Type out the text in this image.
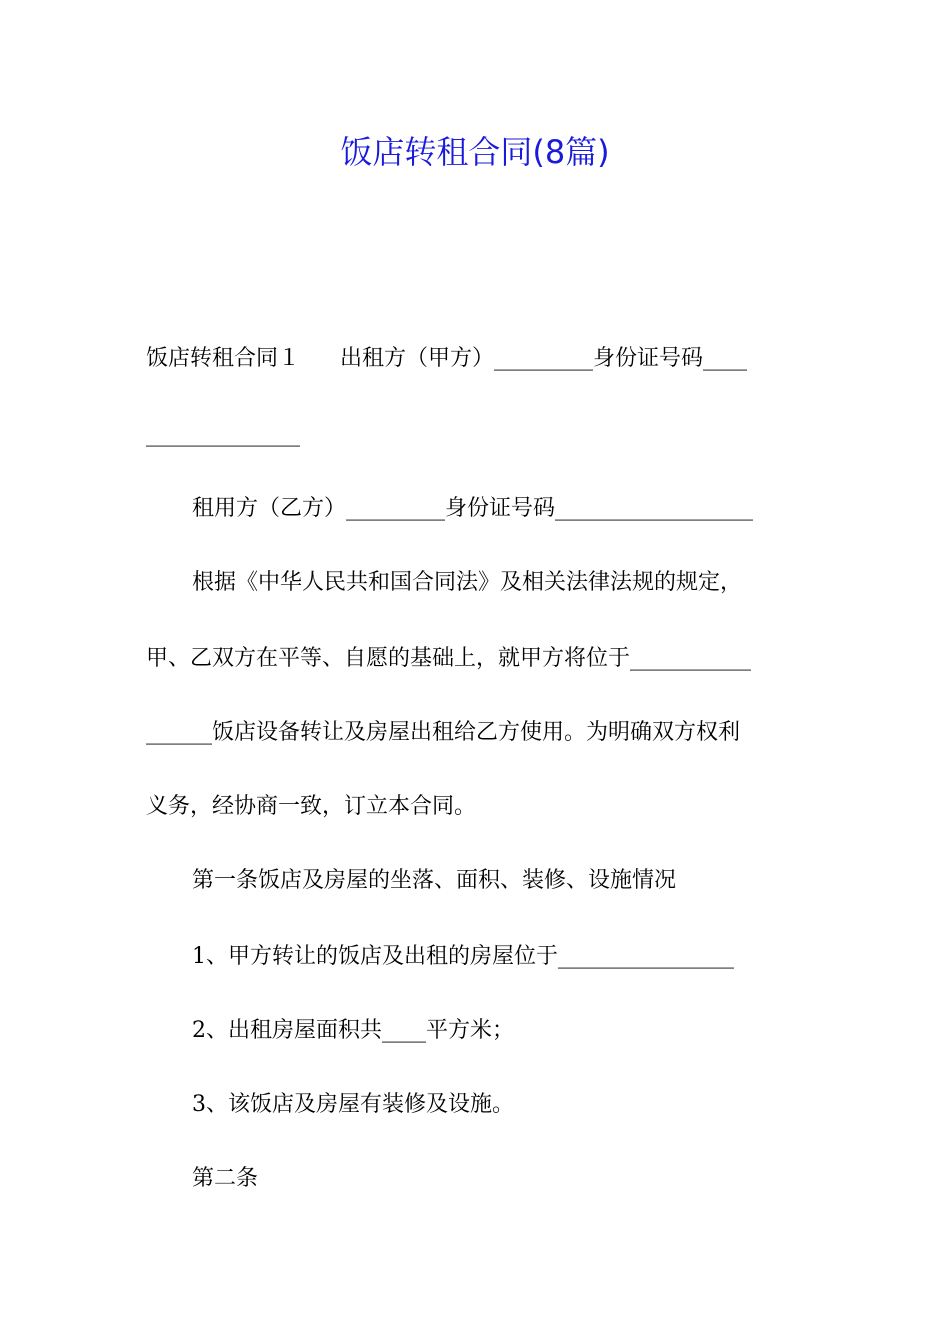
饭店转租合同(8篇)
饭店转租合同１ 出租方（甲方）_________身份证号码____
______________
租用方（乙方）_________身份证号码__________________
根据《中华人民共和国合同法》及相关法律法规的规定，
甲、乙双方在平等、自愿的基础上，就甲方将位于___________
______饭店设备转让及房屋出租给乙方使用。为明确双方权利
义务，经协商一致，订立本合同。
第一条饭店及房屋的坐落、面积、装修、设施情况
1、甲方转让的饭店及出租的房屋位于________________
2、出租房屋面积共____平方米；
3、该饭店及房屋有装修及设施。
第二条
